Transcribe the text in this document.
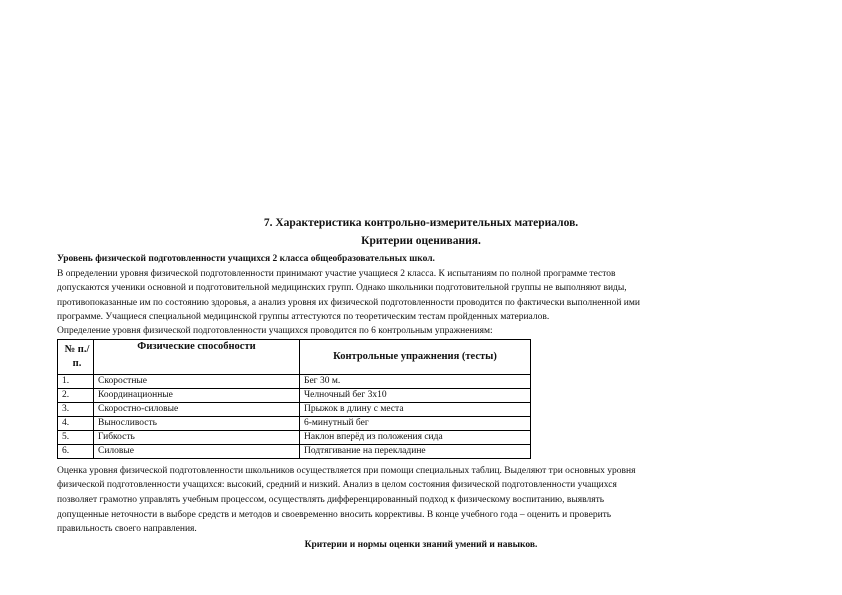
7. Характеристика контрольно-измерительных материалов.
Критерии оценивания.
Уровень физической подготовленности учащихся 2 класса общеобразовательных школ.
В определении уровня физической подготовленности принимают участие учащиеся 2 класса. К испытаниям по полной программе тестов
допускаются ученики основной и подготовительной медицинских групп. Однако школьники подготовительной группы не выполняют виды,
противопоказанные им по состоянию здоровья, а анализ уровня их физической подготовленности проводится по фактически выполненной ими
программе. Учащиеся специальной медицинской группы аттестуются по теоретическим тестам пройденных материалов.
Определение уровня физической подготовленности учащихся проводится по 6 контрольным упражнениям:
№ п./п.	Физические способности	Контрольные упражнения (тесты)

1.	Скоростные	Бег 30 м.
2.	Координационные	Челночный бег 3x10
3.	Скоростно-силовые	Прыжок в длину с места
4.	Выносливость	6-минутный бег
5.	Гибкость	Наклон вперёд из положения сида
6.	Силовые	Подтягивание на перекладине
Оценка уровня физической подготовленности школьников осуществляется при помощи специальных таблиц. Выделяют три основных уровня
физической подготовленности учащихся: высокий, средний и низкий. Анализ в целом состояния физической подготовленности учащихся
позволяет грамотно управлять учебным процессом, осуществлять дифференцированный подход к физическому воспитанию, выявлять
допущенные неточности в выборе средств и методов и своевременно вносить коррективы. В конце учебного года – оценить и проверить
правильность своего направления.
Критерии и нормы оценки знаний умений и навыков.
